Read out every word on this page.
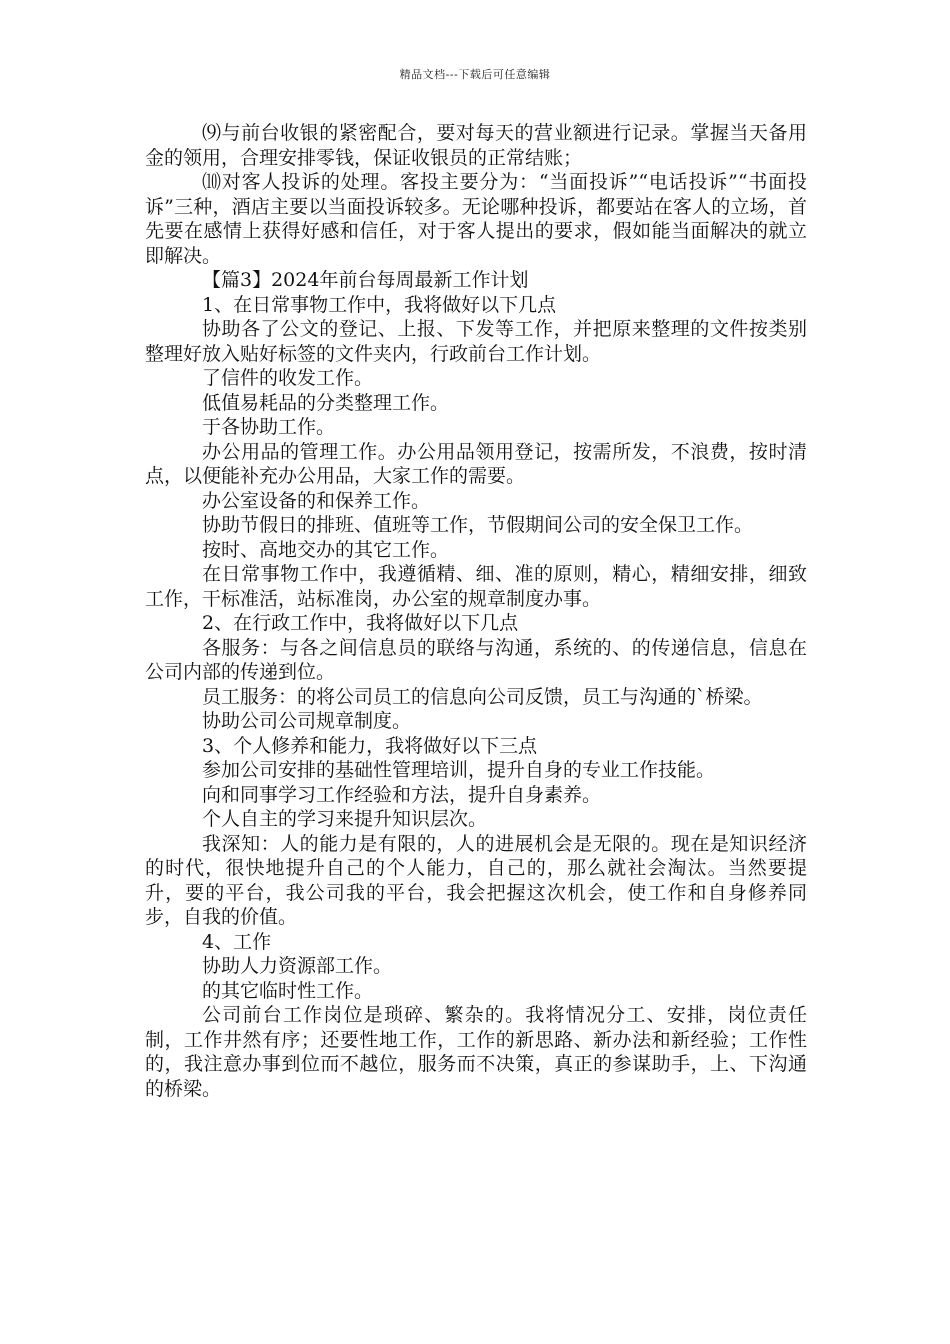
精品文档---下载后可任意编辑

⑼与前台收银的紧密配合，要对每天的营业额进行记录。掌握当天备用金的领用，合理安排零钱，保证收银员的正常结账；

⑽对客人投诉的处理。客投主要分为：“当面投诉”“电话投诉”“书面投诉”三种，酒店主要以当面投诉较多。无论哪种投诉，都要站在客人的立场，首先要在感情上获得好感和信任，对于客人提出的要求，假如能当面解决的就立即解决。

【篇3】2024年前台每周最新工作计划

1、在日常事物工作中，我将做好以下几点

协助各了公文的登记、上报、下发等工作，并把原来整理的文件按类别整理好放入贴好标签的文件夹内，行政前台工作计划。

了信件的收发工作。

低值易耗品的分类整理工作。

于各协助工作。

办公用品的管理工作。办公用品领用登记，按需所发，不浪费，按时清点，以便能补充办公用品，大家工作的需要。

办公室设备的和保养工作。

协助节假日的排班、值班等工作，节假期间公司的安全保卫工作。

按时、高地交办的其它工作。

在日常事物工作中，我遵循精、细、准的原则，精心，精细安排，细致工作，干标准活，站标准岗，办公室的规章制度办事。

2、在行政工作中，我将做好以下几点

各服务：与各之间信息员的联络与沟通，系统的、的传递信息，信息在公司内部的传递到位。

员工服务：的将公司员工的信息向公司反馈，员工与沟通的`桥梁。

协助公司公司规章制度。

3、个人修养和能力，我将做好以下三点

参加公司安排的基础性管理培训，提升自身的专业工作技能。

向和同事学习工作经验和方法，提升自身素养。

个人自主的学习来提升知识层次。

我深知：人的能力是有限的，人的进展机会是无限的。现在是知识经济的时代，很快地提升自己的个人能力，自己的，那么就社会淘汰。当然要提升，要的平台，我公司我的平台，我会把握这次机会，使工作和自身修养同步，自我的价值。

4、工作

协助人力资源部工作。

的其它临时性工作。

公司前台工作岗位是琐碎、繁杂的。我将情况分工、安排，岗位责任制，工作井然有序；还要性地工作，工作的新思路、新办法和新经验；工作性的，我注意办事到位而不越位，服务而不决策，真正的参谋助手，上、下沟通的桥梁。
